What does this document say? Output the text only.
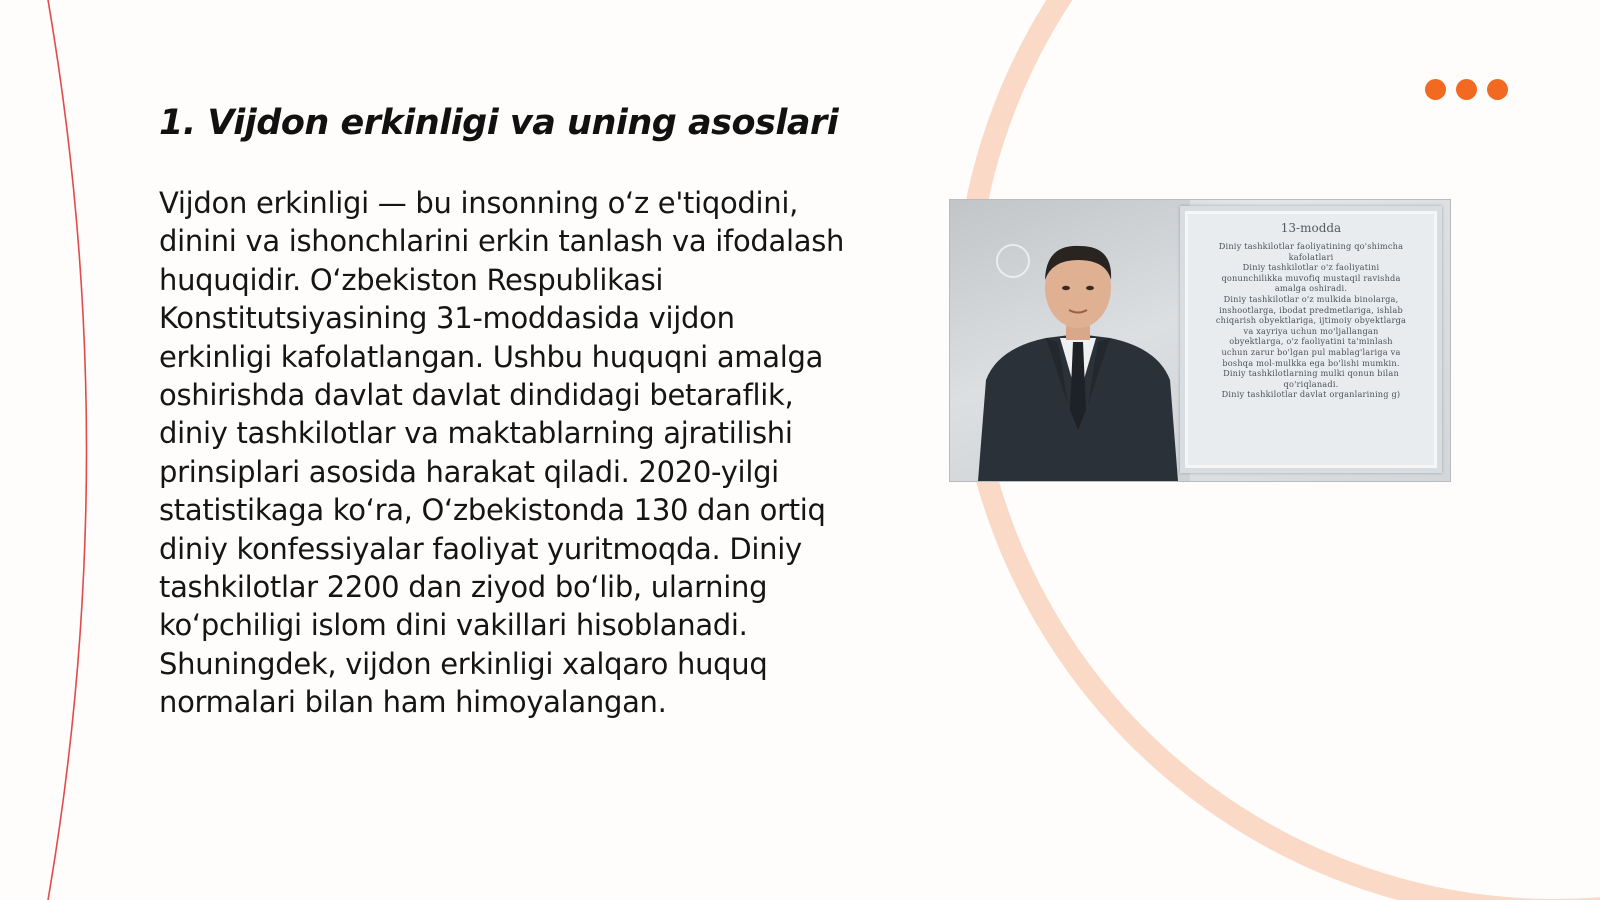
1. Vijdon erkinligi va uning asoslari

Vijdon erkinligi — bu insonning o‘z e'tiqodini, dinini va ishonchlarini erkin tanlash va ifodalash huquqidir. O‘zbekiston Respublikasi Konstitutsiyasining 31-moddasida vijdon erkinligi kafolatlangan. Ushbu huquqni amalga oshirishda davlat davlat dindidagi betaraflik, diniy tashkilotlar va maktablarning ajratilishi prinsiplari asosida harakat qiladi. 2020-yilgi statistikaga ko‘ra, O‘zbekistonda 130 dan ortiq diniy konfessiyalar faoliyat yuritmoqda. Diniy tashkilotlar 2200 dan ziyod bo‘lib, ularning ko‘pchiligi islom dini vakillari hisoblanadi. Shuningdek, vijdon erkinligi xalqaro huquq normalari bilan ham himoyalangan.

13-modda
Diniy tashkilotlar faoliyatining qo'shimcha
kafolatlari
Diniy tashkilotlar o'z faoliyatini
qonunchilikka muvofiq mustaqil ravishda
amalga oshiradi.
Diniy tashkilotlar o'z mulkida binolarga,
inshootlarga, ibodat predmetlariga, ishlab
chiqarish obyektlariga, ijtimoiy obyektlarga
va xayriya uchun mo'ljallangan
obyektlarga, o'z faoliyatini ta'minlash
uchun zarur bo'lgan pul mablag'lariga va
boshqa mol-mulkka ega bo'lishi mumkin.
Diniy tashkilotlarning mulki qonun bilan
qo'riqlanadi.
Diniy tashkilotlar davlat organlarining g)
